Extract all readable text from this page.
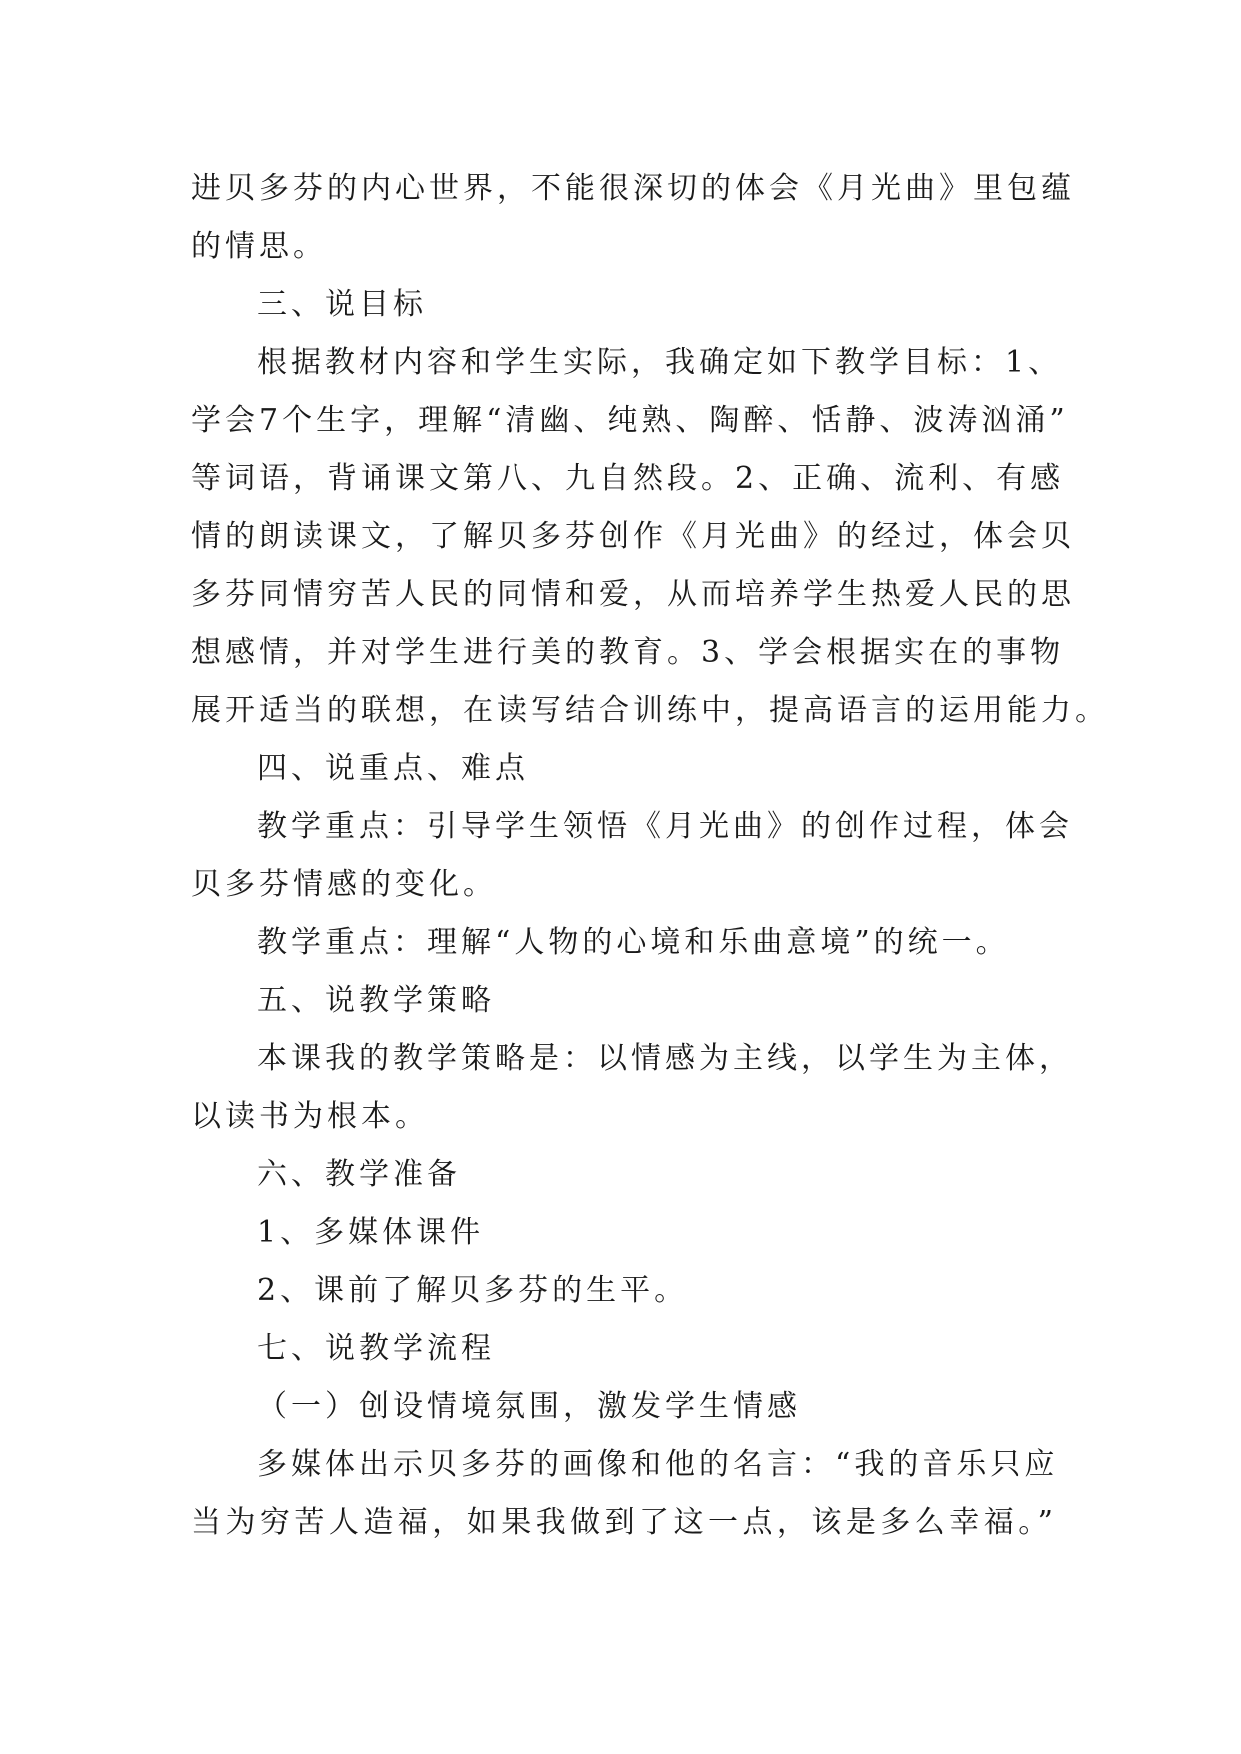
进贝多芬的内心世界，不能很深切的体会《月光曲》里包蕴
的情思。
三、说目标
根据教材内容和学生实际，我确定如下教学目标：1、
学会7个生字，理解“清幽、纯熟、陶醉、恬静、波涛汹涌”
等词语，背诵课文第八、九自然段。2、正确、流利、有感
情的朗读课文，了解贝多芬创作《月光曲》的经过，体会贝
多芬同情穷苦人民的同情和爱，从而培养学生热爱人民的思
想感情，并对学生进行美的教育。3、学会根据实在的事物
展开适当的联想，在读写结合训练中，提高语言的运用能力。
四、说重点、难点
教学重点：引导学生领悟《月光曲》的创作过程，体会
贝多芬情感的变化。
教学重点：理解“人物的心境和乐曲意境”的统一。
五、说教学策略
本课我的教学策略是：以情感为主线，以学生为主体，
以读书为根本。
六、教学准备
1、多媒体课件
2、课前了解贝多芬的生平。
七、说教学流程
（一）创设情境氛围，激发学生情感
多媒体出示贝多芬的画像和他的名言：“我的音乐只应
当为穷苦人造福，如果我做到了这一点，该是多么幸福。”
